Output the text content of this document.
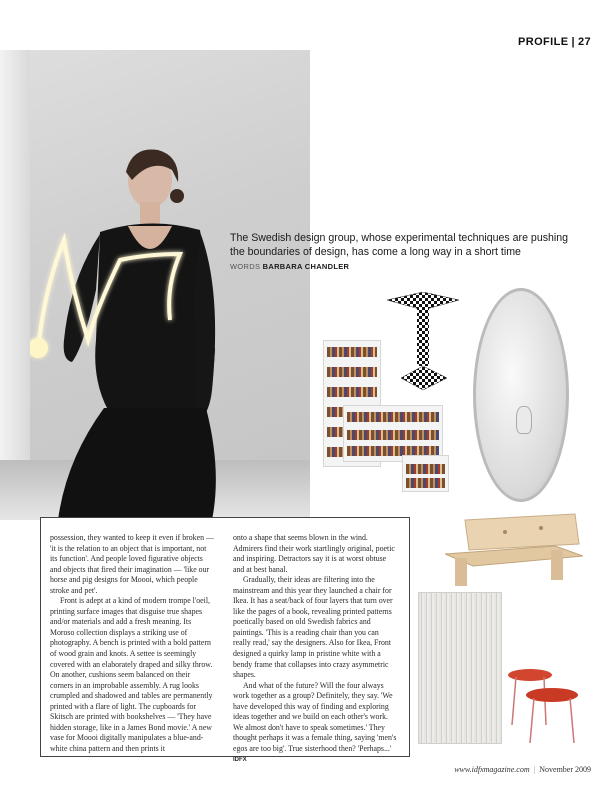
PROFILE | 27
The Swedish design group, whose experimental techniques are pushing the boundaries of design, has come a long way in a short time
WORDS BARBARA CHANDLER

possession, they wanted to keep it even if broken — 'it is the relation to an object that is important, not its function'. And people loved figurative objects and objects that fired their imagination — 'like our horse and pig designs for Moooi, which people stroke and pet'.

Front is adept at a kind of modern trompe l'oeil, printing surface images that disguise true shapes and/or materials and add a fresh meaning. Its Moroso collection displays a striking use of photography. A bench is printed with a bold pattern of wood grain and knots. A settee is seemingly covered with an elaborately draped and silky throw. On another, cushions seem balanced on their corners in an improbable assembly. A rug looks crumpled and shadowed and tables are permanently printed with a flare of light. The cupboards for Skitsch are printed with bookshelves — 'They have hidden storage, like in a James Bond movie.' A new vase for Moooi digitally manipulates a blue-and-white china pattern and then prints it

onto a shape that seems blown in the wind. Admirers find their work startlingly original, poetic and inspiring. Detractors say it is at worst obtuse and at best banal.

Gradually, their ideas are filtering into the mainstream and this year they launched a chair for Ikea. It has a seat/back of four layers that turn over like the pages of a book, revealing printed patterns poetically based on old Swedish fabrics and paintings. 'This is a reading chair than you can really read,' say the designers. Also for Ikea, Front designed a quirky lamp in pristine white with a bendy frame that collapses into crazy asymmetric shapes.

And what of the future? Will the four always work together as a group? Definitely, they say. 'We have developed this way of finding and exploring ideas together and we build on each other's work. We almost don't have to speak sometimes.' They thought perhaps it was a female thing, saying 'men's egos are too big'. True sisterhood then? 'Perhaps...' IDFX

www.idfxmagazine.com | November 2009
